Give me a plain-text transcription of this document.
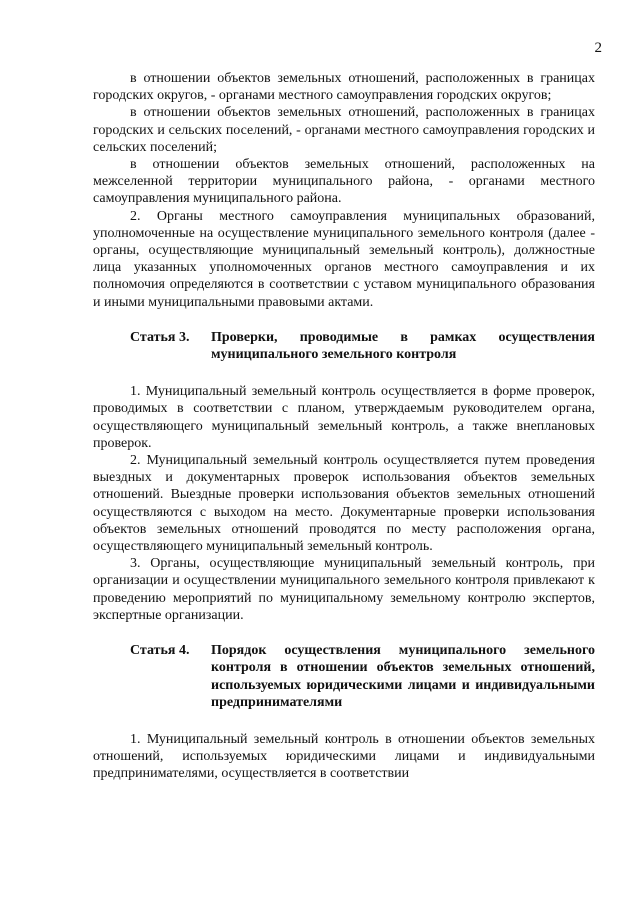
2

в отношении объектов земельных отношений, расположенных в границах городских округов, - органами местного самоуправления городских округов;

в отношении объектов земельных отношений, расположенных в границах городских и сельских поселений, - органами местного самоуправления городских и сельских поселений;

в отношении объектов земельных отношений, расположенных на межселенной территории муниципального района, - органами местного самоуправления муниципального района.

2. Органы местного самоуправления муниципальных образований, уполномоченные на осуществление муниципального земельного контроля (далее - органы, осуществляющие муниципальный земельный контроль), должностные лица указанных уполномоченных органов местного самоуправления и их полномочия определяются в соответствии с уставом муниципального образования и иными муниципальными правовыми актами.

Статья 3.	Проверки, проводимые в рамках осуществления муниципального земельного контроля

1. Муниципальный земельный контроль осуществляется в форме проверок, проводимых в соответствии с планом, утверждаемым руководителем органа, осуществляющего муниципальный земельный контроль, а также внеплановых проверок.

2. Муниципальный земельный контроль осуществляется путем проведения выездных и документарных проверок использования объектов земельных отношений. Выездные проверки использования объектов земельных отношений осуществляются с выходом на место. Документарные проверки использования объектов земельных отношений проводятся по месту расположения органа, осуществляющего муниципальный земельный контроль.

3. Органы, осуществляющие муниципальный земельный контроль, при организации и осуществлении муниципального земельного контроля привлекают к проведению мероприятий по муниципальному земельному контролю экспертов, экспертные организации.

Статья 4.	Порядок осуществления муниципального земельного контроля в отношении объектов земельных отношений, используемых юридическими лицами и индивидуальными предпринимателями

1. Муниципальный земельный контроль в отношении объектов земельных отношений, используемых юридическими лицами и индивидуальными предпринимателями, осуществляется в соответствии
